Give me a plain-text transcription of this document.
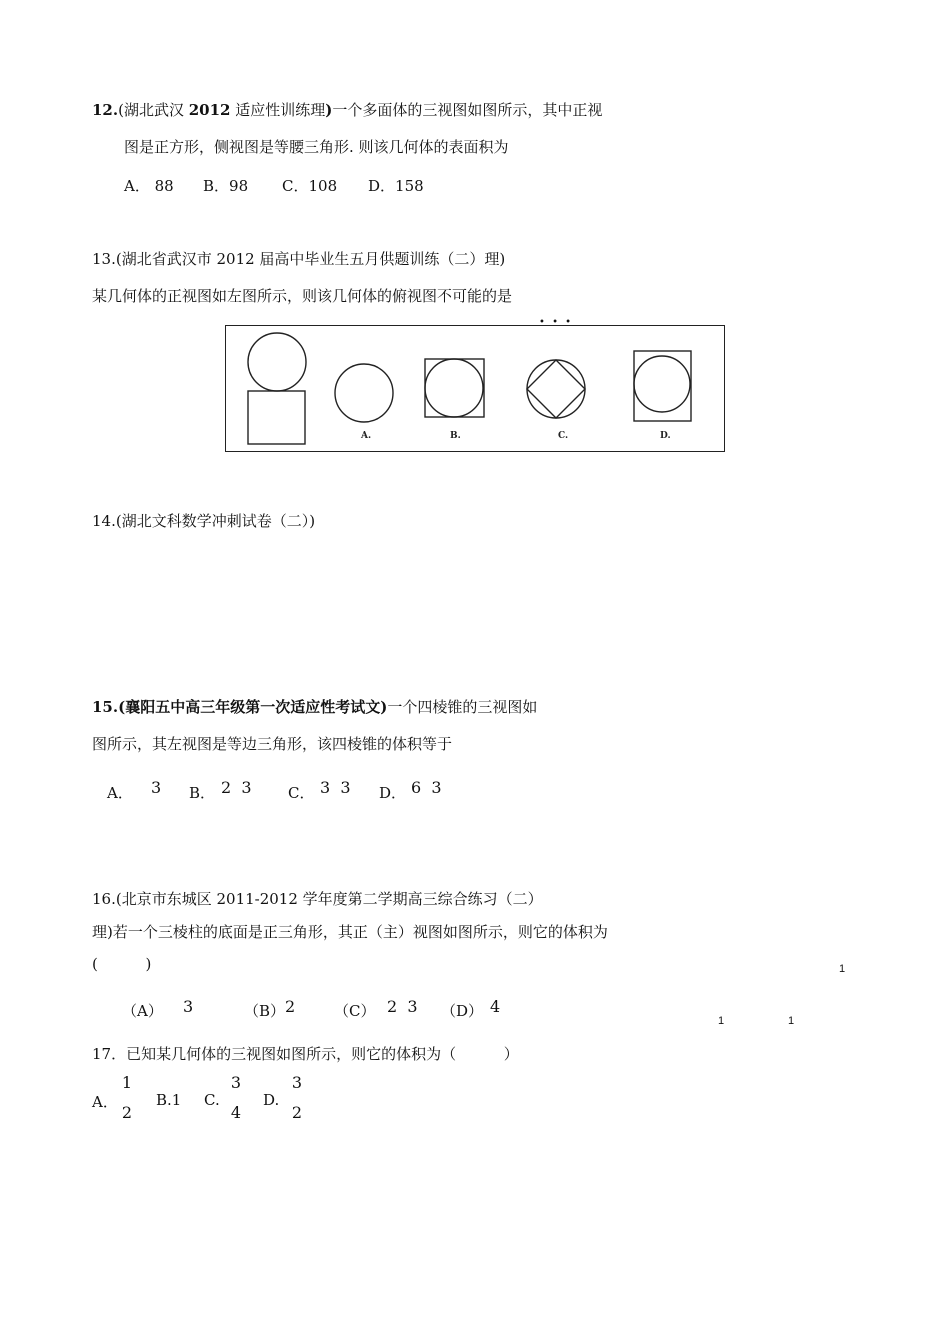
12.(湖北武汉 2012 适应性训练理)一个多面体的三视图如图所示，其中正视
图是正方形，侧视图是等腰三角形. 则该几何体的表面积为
A． 88 B．98 C．108 D．158
13.(湖北省武汉市 2012 届高中毕业生五月供题训练（二）理)
某几何体的正视图如左图所示，则该几何体的俯视图不可能的是
• • •
A.	B.	C.	D.
14.(湖北文科数学冲刺试卷（二）)
15.(襄阳五中高三年级第一次适应性考试文)一个四棱锥的三视图如
图所示，其左视图是等边三角形，该四棱锥的体积等于
A． 3 B． 2  3 C． 3  3 D． 6  3
16.(北京市东城区 2011-2012 学年度第二学期高三综合练习（二）
理)若一个三棱柱的底面是正三角形，其正（主）视图如图所示，则它的体积为
(          )
（A） 3	（B） 2	（C） 2  3 （D） 4
1
1	1
17．已知某几何体的三视图如图所示，则它的体积为（          ）
A．
1
2
B.1 C.
3
4
D.
3
2
